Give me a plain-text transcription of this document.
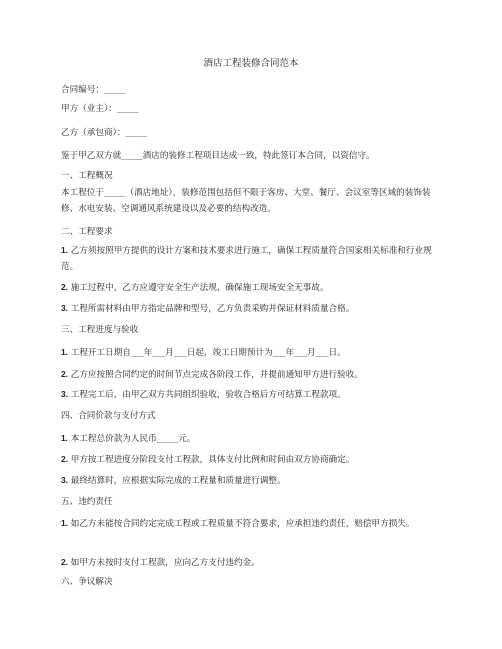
酒店工程装修合同范本
合同编号：_____
甲方（业主）：_____
乙方（承包商）：_____
鉴于甲乙双方就_____酒店的装修工程项目达成一致，特此签订本合同，以资信守。
一、工程概况
本工程位于_____（酒店地址），装修范围包括但不限于客房、大堂、餐厅、会议室等区域的装饰装修、水电安装、空调通风系统建设以及必要的结构改造。
二、工程要求
1. 乙方须按照甲方提供的设计方案和技术要求进行施工，确保工程质量符合国家相关标准和行业规范。
2. 施工过程中，乙方应遵守安全生产法规，确保施工现场安全无事故。
3. 工程所需材料由甲方指定品牌和型号，乙方负责采购并保证材料质量合格。
三、工程进度与验收
1. 工程开工日期自___年___月___日起，竣工日期预计为___年___月___日。
2. 乙方应按照合同约定的时间节点完成各阶段工作，并提前通知甲方进行验收。
3. 工程完工后，由甲乙双方共同组织验收，验收合格后方可结算工程款项。
四、合同价款与支付方式
1. 本工程总价款为人民币_____元。
2. 甲方按工程进度分阶段支付工程款，具体支付比例和时间由双方协商确定。
3. 最终结算时，应根据实际完成的工程量和质量进行调整。
五、违约责任
1. 如乙方未能按合同约定完成工程或工程质量不符合要求，应承担违约责任，赔偿甲方损失。
2. 如甲方未按时支付工程款，应向乙方支付违约金。
六、争议解决
